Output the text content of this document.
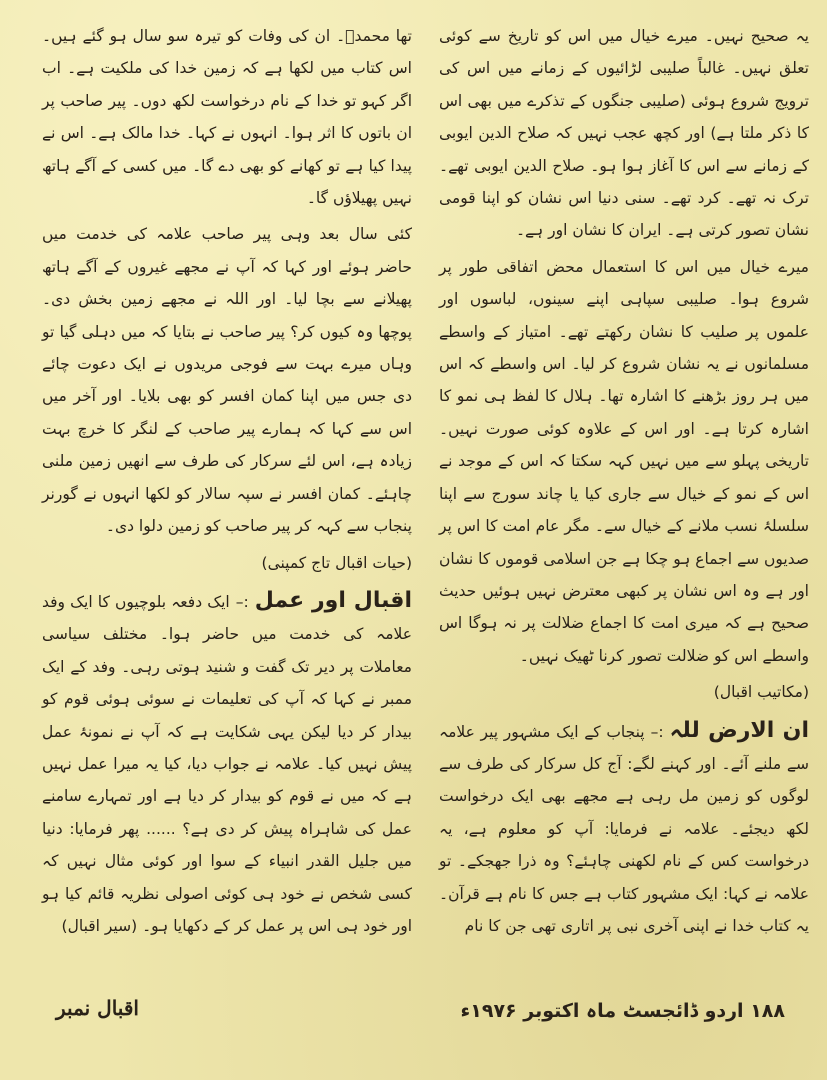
یہ صحیح نہیں۔ میرے خیال میں اس کو تاریخ سے کوئی تعلق نہیں۔ غالباً صلیبی لڑائیوں کے زمانے میں اس کی ترویج شروع ہوئی (صلیبی جنگوں کے تذکرے میں بھی اس کا ذکر ملتا ہے) اور کچھ عجب نہیں کہ صلاح الدین ایوبی کے زمانے سے اس کا آغاز ہوا ہو۔ صلاح الدین ایوبی تھے۔ ترک نہ تھے۔ کرد تھے۔ سنی دنیا اس نشان کو اپنا قومی نشان تصور کرتی ہے۔ ایران کا نشان اور ہے۔

میرے خیال میں اس کا استعمال محض اتفاقی طور پر شروع ہوا۔ صلیبی سپاہی اپنے سینوں، لباسوں اور علموں پر صلیب کا نشان رکھتے تھے۔ امتیاز کے واسطے مسلمانوں نے یہ نشان شروع کر لیا۔ اس واسطے کہ اس میں ہر روز بڑھنے کا اشارہ تھا۔ ہلال کا لفظ ہی نمو کا اشارہ کرتا ہے۔ اور اس کے علاوہ کوئی صورت نہیں۔ تاریخی پہلو سے میں نہیں کہہ سکتا کہ اس کے موجد نے اس کے نمو کے خیال سے جاری کیا یا چاند سورج سے اپنا سلسلۂ نسب ملانے کے خیال سے۔ مگر عام امت کا اس پر صدیوں سے اجماع ہو چکا ہے جن اسلامی قوموں کا نشان اور ہے وہ اس نشان پر کبھی معترض نہیں ہوئیں حدیث صحیح ہے کہ میری امت کا اجماع ضلالت پر نہ ہوگا اس واسطے اس کو ضلالت تصور کرنا ٹھیک نہیں۔

(مکاتیب اقبال)

ان الارض للہ:–پنجاب کے ایک مشہور پیر علامہ سے ملنے آئے۔ اور کہنے لگے: آج کل سرکار کی طرف سے لوگوں کو زمین مل رہی ہے مجھے بھی ایک درخواست لکھ دیجئے۔ علامہ نے فرمایا: آپ کو معلوم ہے، یہ درخواست کس کے نام لکھنی چاہئے؟ وہ ذرا جھجکے۔ تو علامہ نے کہا: ایک مشہور کتاب ہے جس کا نام ہے قرآن۔ یہ کتاب خدا نے اپنی آخری نبی پر اتاری تھی جن کا نام

تھا محمدؐ۔ ان کی وفات کو تیرہ سو سال ہو گئے ہیں۔ اس کتاب میں لکھا ہے کہ زمین خدا کی ملکیت ہے۔ اب اگر کہو تو خدا کے نام درخواست لکھ دوں۔ پیر صاحب پر ان باتوں کا اثر ہوا۔ انہوں نے کہا۔ خدا مالک ہے۔ اس نے پیدا کیا ہے تو کھانے کو بھی دے گا۔ میں کسی کے آگے ہاتھ نہیں پھیلاؤں گا۔

کئی سال بعد وہی پیر صاحب علامہ کی خدمت میں حاضر ہوئے اور کہا کہ آپ نے مجھے غیروں کے آگے ہاتھ پھیلانے سے بچا لیا۔ اور اللہ نے مجھے زمین بخش دی۔ پوچھا وہ کیوں کر؟ پیر صاحب نے بتایا کہ میں دہلی گیا تو وہاں میرے بہت سے فوجی مریدوں نے ایک دعوت چائے دی جس میں اپنا کمان افسر کو بھی بلایا۔ اور آخر میں اس سے کہا کہ ہمارے پیر صاحب کے لنگر کا خرچ بہت زیادہ ہے، اس لئے سرکار کی طرف سے انھیں زمین ملنی چاہئے۔ کمان افسر نے سپہ سالار کو لکھا انہوں نے گورنر پنجاب سے کہہ کر پیر صاحب کو زمین دلوا دی۔

(حیات اقبال تاج کمپنی)

اقبال اور عمل:–ایک دفعہ بلوچیوں کا ایک وفد علامہ کی خدمت میں حاضر ہوا۔ مختلف سیاسی معاملات پر دیر تک گفت و شنید ہوتی رہی۔ وفد کے ایک ممبر نے کہا کہ آپ کی تعلیمات نے سوئی ہوئی قوم کو بیدار کر دیا لیکن یہی شکایت ہے کہ آپ نے نمونۂ عمل پیش نہیں کیا۔ علامہ نے جواب دیا، کیا یہ میرا عمل نہیں ہے کہ میں نے قوم کو بیدار کر دیا ہے اور تمہارے سامنے عمل کی شاہراہ پیش کر دی ہے؟ ...... پھر فرمایا: دنیا میں جلیل القدر انبیاء کے سوا اور کوئی مثال نہیں کہ کسی شخص نے خود ہی کوئی اصولی نظریہ قائم کیا ہو اور خود ہی اس پر عمل کر کے دکھایا ہو۔ (سیر اقبال)

۱۸۸ اردو ڈائجسٹ ماہ اکتوبر ۱۹۷۶ء
اقبال نمبر
